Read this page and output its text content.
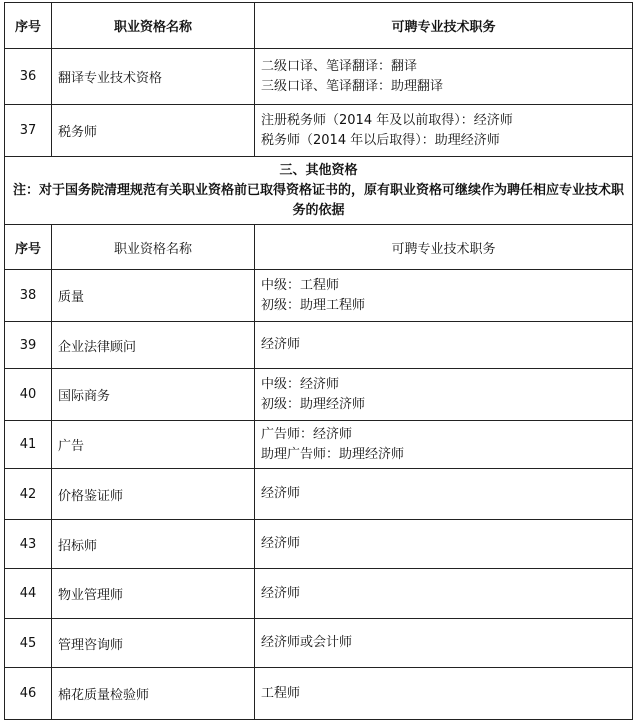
序号	职业资格名称	可聘专业技术职务
36	翻译专业技术资格	二级口译、笔译翻译：翻译
三级口译、笔译翻译：助理翻译

37	税务师	注册税务师（2014 年及以前取得）：经济师
税务师（2014 年以后取得）：助理经济师

三、其他资格
注：对于国务院清理规范有关职业资格前已取得资格证书的，原有职业资格可继续作为聘任相应专业技术职务的依据		

序号	职业资格名称	可聘专业技术职务
38	质量	中级：工程师
初级：助理工程师

39	企业法律顾问	经济师
40	国际商务	中级：经济师
初级：助理经济师

41	广告	广告师：经济师
助理广告师：助理经济师

42	价格鉴证师	经济师
43	招标师	经济师
44	物业管理师	经济师
45	管理咨询师	经济师或会计师
46	棉花质量检验师	工程师
